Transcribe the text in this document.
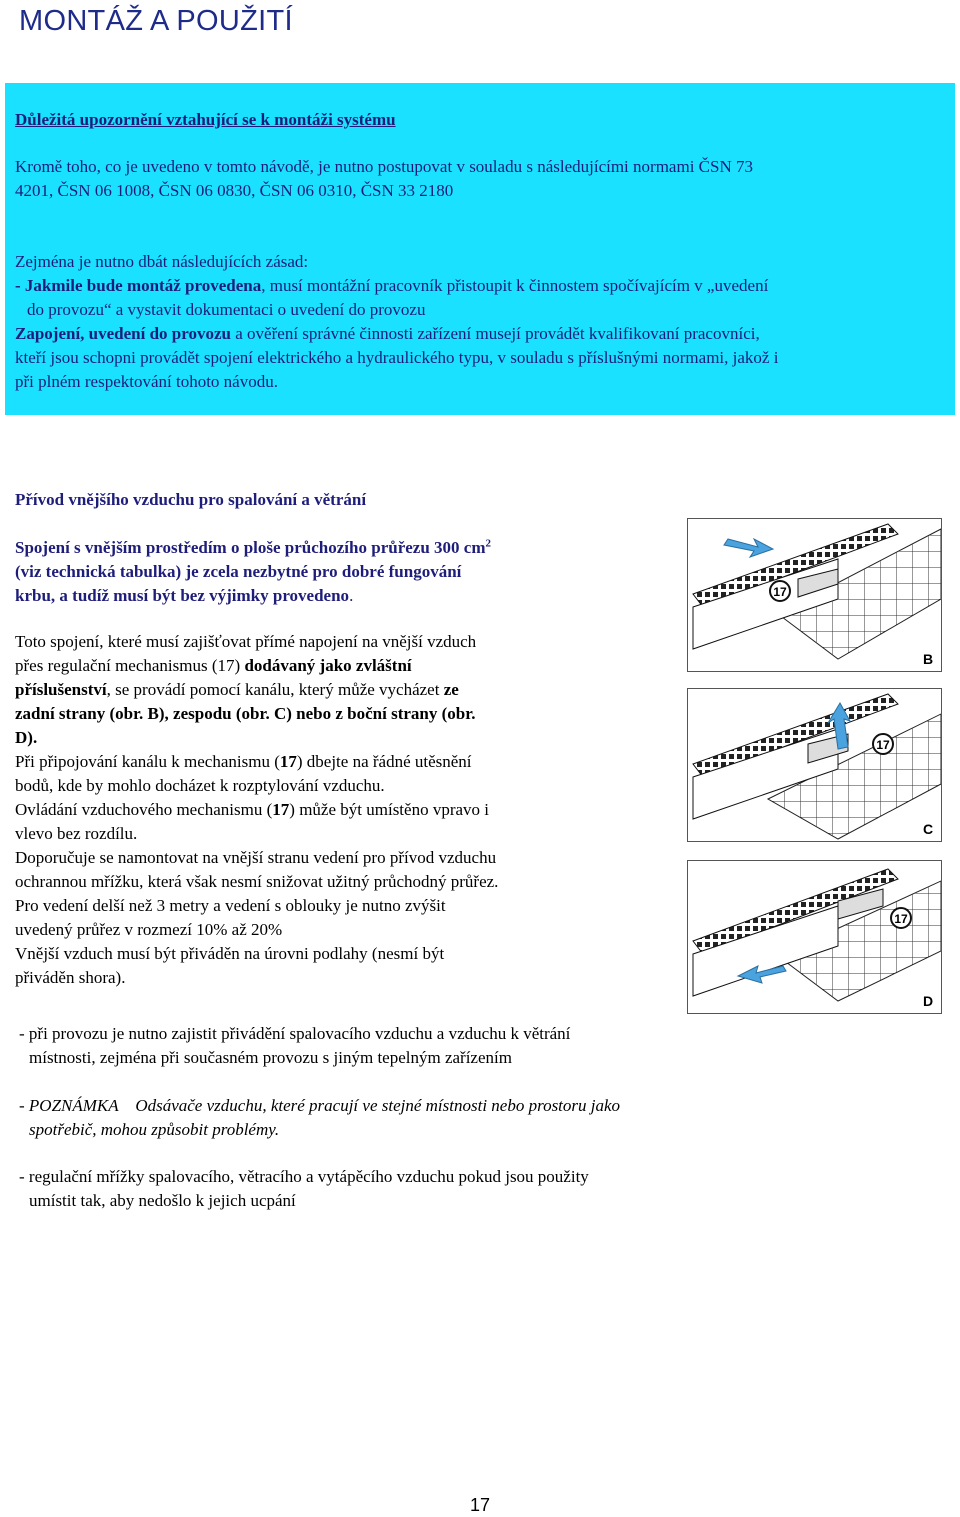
MONTÁŽ A POUŽITÍ
Důležitá upozornění vztahující se k montáži systému
Kromě toho, co je uvedeno v tomto návodě, je nutno postupovat v souladu s následujícími normami ČSN 73
4201, ČSN 06 1008, ČSN 06 0830, ČSN 06 0310, ČSN 33 2180
Zejména je nutno dbát následujících zásad:
- Jakmile bude montáž provedena, musí montážní pracovník přistoupit k činnostem spočívajícím v „uvedení
do provozu“ a vystavit dokumentaci o uvedení do provozu
Zapojení, uvedení do provozu a ověření správné činnosti zařízení musejí provádět kvalifikovaní pracovníci,
kteří jsou schopni provádět spojení elektrického a hydraulického typu, v souladu s příslušnými normami, jakož i
při plném respektování tohoto návodu.
Přívod vnějšího vzduchu pro spalování a větrání
Spojení s vnějším prostředím o ploše průchozího průřezu 300 $cm^2$
(viz technická tabulka) je zcela nezbytné pro dobré fungování
krbu, a tudíž musí být bez výjimky provedeno.
Toto spojení, které musí zajišťovat přímé napojení na vnější vzduch
přes regulační mechanismus (17) dodávaný jako zvláštní
příslušenství, se provádí pomocí kanálu, který může vycházet ze
zadní strany (obr. B), zespodu (obr. C) nebo z boční strany (obr.
D).
Při připojování kanálu k mechanismu (17) dbejte na řádné utěsnění
bodů, kde by mohlo docházet k rozptylování vzduchu.
Ovládání vzduchového mechanismu (17) může být umístěno vpravo i
vlevo bez rozdílu.
Doporučuje se namontovat na vnější stranu vedení pro přívod vzduchu
ochrannou mřížku, která však nesmí snižovat užitný průchodný průřez.
Pro vedení delší než 3 metry a vedení s oblouky je nutno zvýšit
uvedený průřez v rozmezí 10% až 20%
Vnější vzduch musí být přiváděn na úrovni podlahy (nesmí být
přiváděn shora).
17
B
17
C
17
D
- při provozu je nutno zajistit přivádění spalovacího vzduchu a vzduchu k větrání
místnosti, zejména při současném provozu s jiným tepelným zařízením
- POZNÁMKA    Odsávače vzduchu, které pracují ve stejné místnosti nebo prostoru jako
spotřebič, mohou způsobit problémy.
- regulační mřížky spalovacího, větracího a vytápěcího vzduchu pokud jsou použity
umístit tak, aby nedošlo k jejich ucpání
17
